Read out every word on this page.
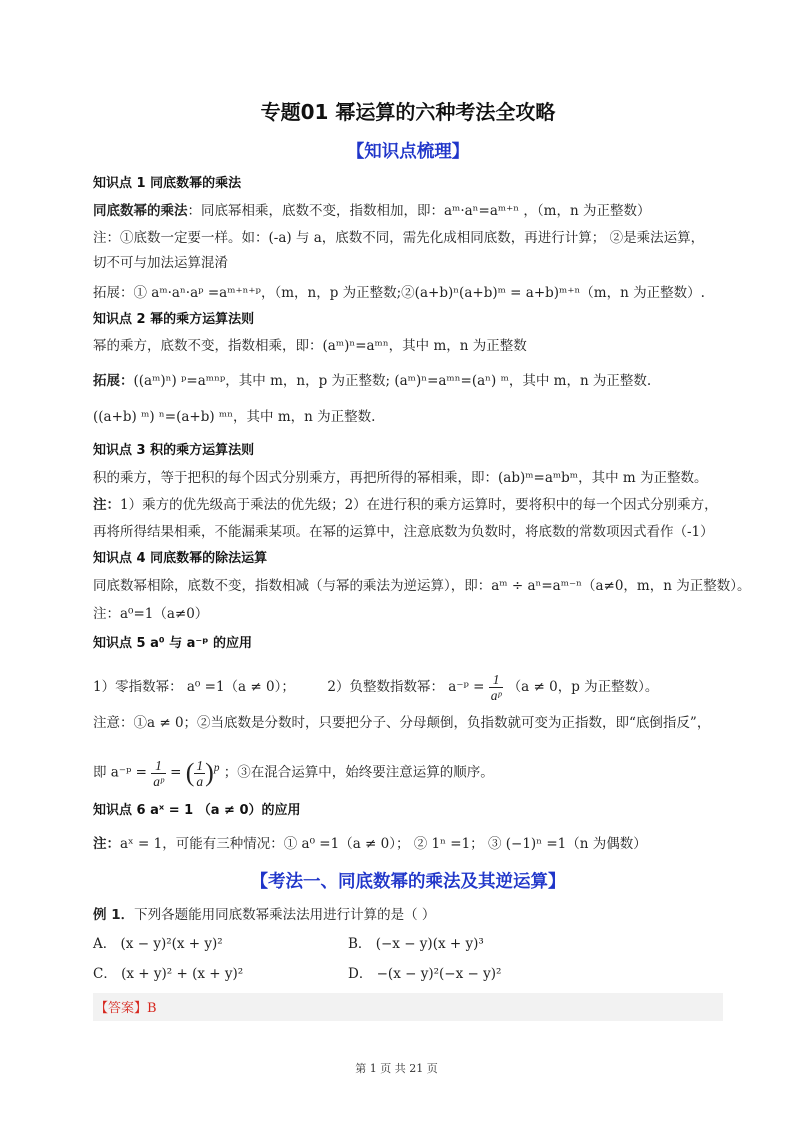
专题01 幂运算的六种考法全攻略
【知识点梳理】
知识点 1 同底数幂的乘法
同底数幂的乘法：同底幂相乘，底数不变，指数相加，即：aᵐ·aⁿ=aᵐ⁺ⁿ ，（m，n 为正整数）
注：①底数一定要一样。如：(-a) 与 a，底数不同，需先化成相同底数，再进行计算； ②是乘法运算，
切不可与加法运算混淆
拓展：① aᵐ·aⁿ·aᵖ =aᵐ⁺ⁿ⁺ᵖ，（m，n，p 为正整数;②(a+b)ⁿ(a+b)ᵐ = a+b)ᵐ⁺ⁿ（m，n 为正整数）.
知识点 2 幂的乘方运算法则
幂的乘方，底数不变，指数相乘，即：(aᵐ)ⁿ=aᵐⁿ，其中 m，n 为正整数
拓展：((aᵐ)ⁿ) ᵖ=aᵐⁿᵖ，其中 m，n，p 为正整数; (aᵐ)ⁿ=aᵐⁿ=(aⁿ) ᵐ，其中 m，n 为正整数.
((a+b) ᵐ) ⁿ=(a+b) ᵐⁿ，其中 m，n 为正整数.
知识点 3 积的乘方运算法则
积的乘方，等于把积的每个因式分别乘方，再把所得的幂相乘，即：(ab)ᵐ=aᵐbᵐ，其中 m 为正整数。
注：1）乘方的优先级高于乘法的优先级；2）在进行积的乘方运算时，要将积中的每一个因式分别乘方，
再将所得结果相乘，不能漏乘某项。在幂的运算中，注意底数为负数时，将底数的常数项因式看作（-1）
知识点 4 同底数幂的除法运算
同底数幂相除，底数不变，指数相减（与幂的乘法为逆运算），即：aᵐ ÷ aⁿ=aᵐ⁻ⁿ（a≠0，m，n 为正整数）。
注：a⁰=1（a≠0）
知识点 5 a⁰ 与 a⁻ᵖ 的应用
1）零指数幂： a⁰ =1（a ≠ 0）； 2）负整数指数幂： a⁻ᵖ = $\frac{1}{\text{aᵖ}} (a \ne 0$，p 为正整数）。
注意：①a ≠ 0；②当底数是分数时，只要把分子、分母颠倒，负指数就可变为正指数，即“底倒指反”，
即 a⁻ᵖ = $\frac{1}{\text{aᵖ}}$ = ( $\frac{1}{a} )^p$ ；③在混合运算中，始终要注意运算的顺序。
知识点 6 aˣ = 1 （a ≠ 0）的应用
注：aˣ = 1，可能有三种情况：① a⁰ =1（a ≠ 0）； ② 1ⁿ =1； ③ (−1)ⁿ =1（n 为偶数）
【考法一、同底数幂的乘法及其逆运算】
例 1．下列各题能用同底数幂乘法法用进行计算的是（ ）
A． (x − y)²(x + y)²	B． (−x − y)(x + y)³
C． (x + y)² + (x + y)²	D． −(x − y)²(−x − y)²
【答案】B
第 1 页 共 21 页
